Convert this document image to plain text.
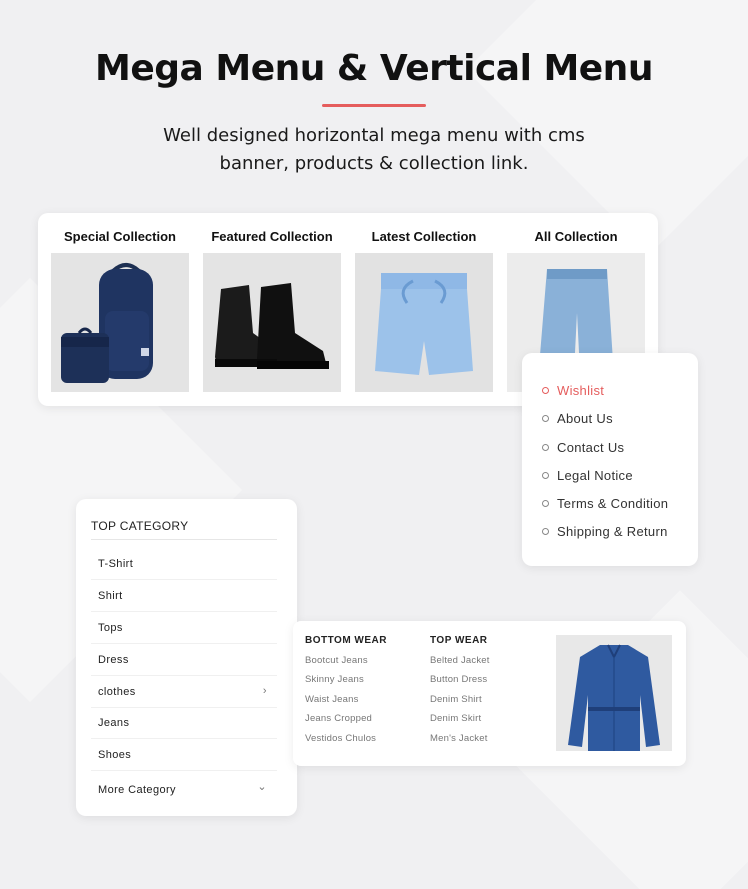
Mega Menu & Vertical Menu
Well designed horizontal mega menu with cms
banner, products & collection link.
Special Collection	Featured Collection	Latest Collection	All Collection
Wishlist
About Us
Contact Us
Legal Notice
Terms & Condition
Shipping & Return
TOP CATEGORY
T-Shirt
Shirt
Tops
Dress
clothes	›
Jeans
Shoes
More Category	⌄
BOTTOM WEAR
Bootcut Jeans
Skinny Jeans
Waist Jeans
Jeans Cropped
Vestidos Chulos
TOP WEAR
Belted Jacket
Button Dress
Denim Shirt
Denim Skirt
Men's Jacket
